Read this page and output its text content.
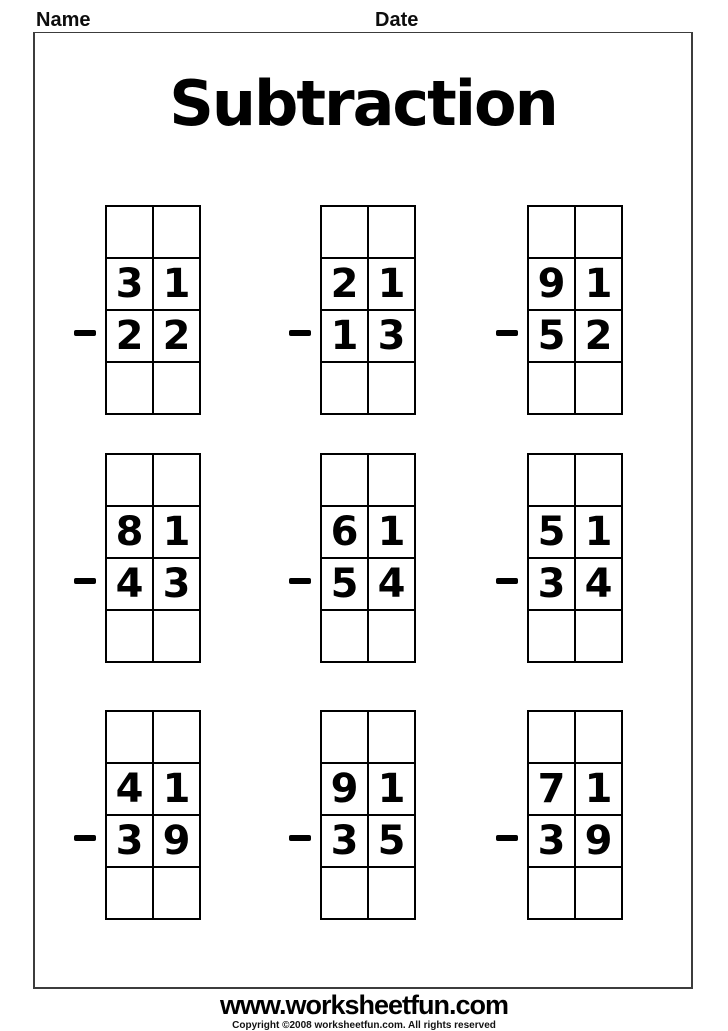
Name	Date
Subtraction

3	1
2	2

2	1
1	3

9	1
5	2

8	1
4	3

6	1
5	4

5	1
3	4

4	1
3	9

9	1
3	5

7	1
3	9

www.worksheetfun.com
Copyright ©2008 worksheetfun.com. All rights reserved
